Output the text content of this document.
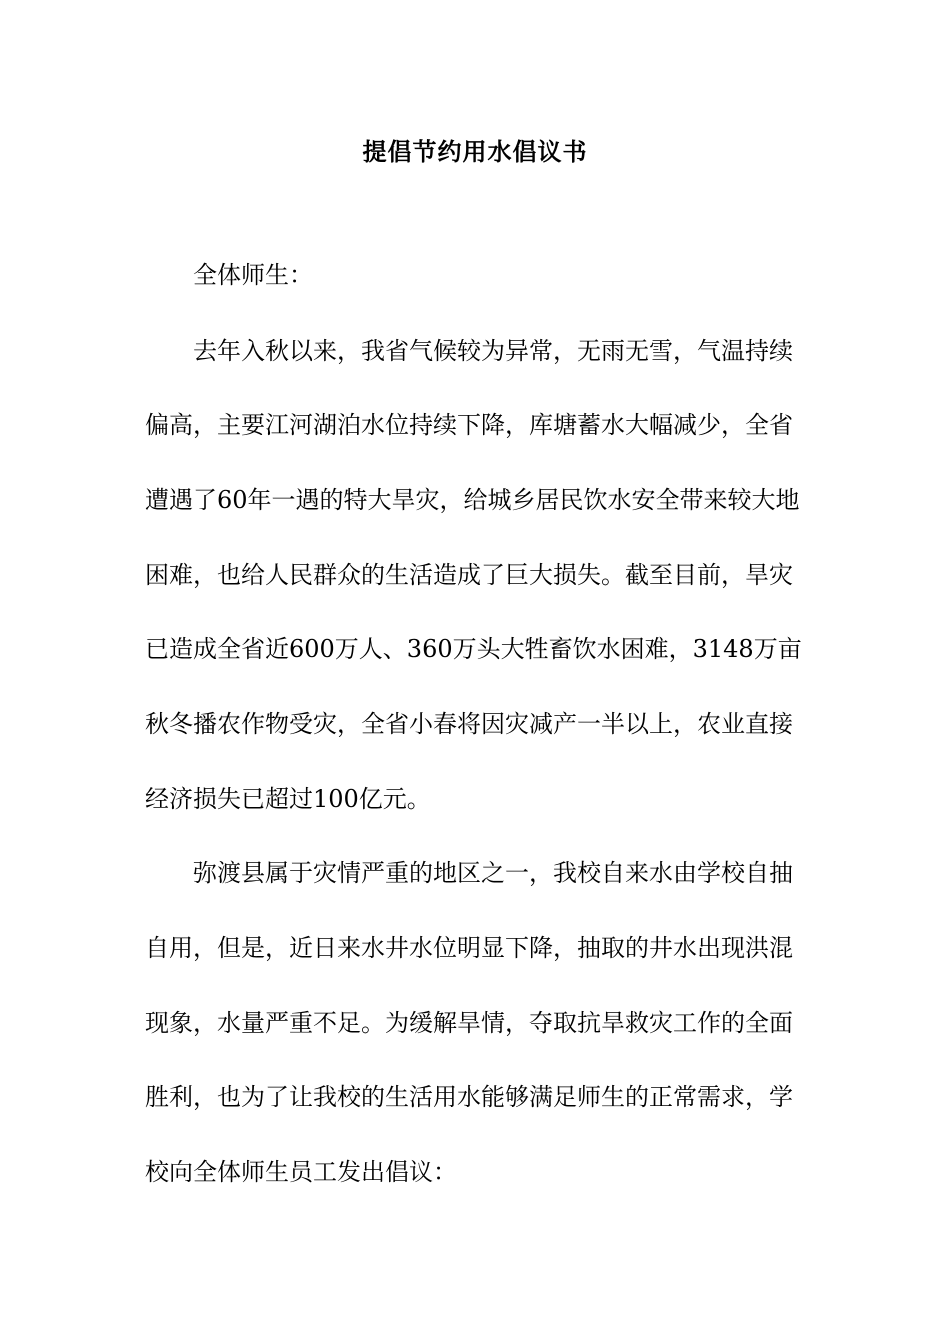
提倡节约用水倡议书
全体师生：
去年入秋以来，我省气候较为异常，无雨无雪，气温持续
偏高，主要江河湖泊水位持续下降，库塘蓄水大幅减少，全省
遭遇了60年一遇的特大旱灾，给城乡居民饮水安全带来较大地
困难，也给人民群众的生活造成了巨大损失。截至目前，旱灾
已造成全省近600万人、360万头大牲畜饮水困难，3148万亩
秋冬播农作物受灾，全省小春将因灾减产一半以上，农业直接
经济损失已超过100亿元。
弥渡县属于灾情严重的地区之一，我校自来水由学校自抽
自用，但是，近日来水井水位明显下降，抽取的井水出现洪混
现象，水量严重不足。为缓解旱情，夺取抗旱救灾工作的全面
胜利，也为了让我校的生活用水能够满足师生的正常需求，学
校向全体师生员工发出倡议：
